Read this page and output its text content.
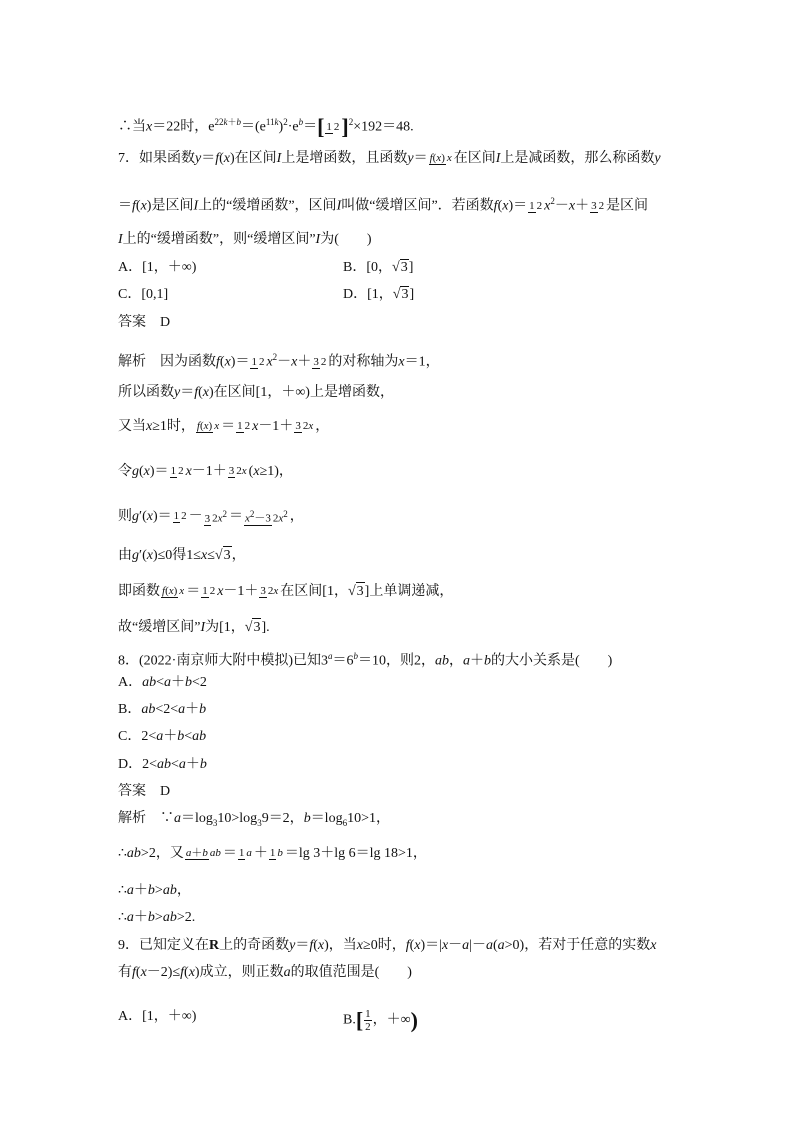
∴当x＝22时，e22k＋b＝(e11k)2·eb＝[ 1 2]2×192＝48.
7．如果函数y＝f(x)在区间I上是增函数，且函数y＝ f(x) x 在区间I上是减函数，那么称函数y
＝f(x)是区间I上的“缓增函数”，区间I叫做“缓增区间”．若函数f(x)＝ 1 2 x2－x＋ 3 2 是区间
I上的“缓增函数”，则“缓增区间”I为(　　)
A．[1，＋∞)	B．[0，√3]
C．[0,1]	D．[1，√3]
答案　D
解析　因为函数f(x)＝ 1 2 x2－x＋ 3 2 的对称轴为x＝1，
所以函数y＝f(x)在区间[1，＋∞)上是增函数，
又当x≥1时， f(x) x ＝ 1 2 x－1＋ 3 2x ，
令g(x)＝ 1 2 x－1＋ 3 2x (x≥1)，
则g′(x)＝ 1 2 － 3 2x2 ＝ x2－3 2x2 ，
由g′(x)≤0得1≤x≤√3，
即函数 f(x) x ＝ 1 2 x－1＋ 3 2x 在区间[1，√3]上单调递减，
故“缓增区间”I为[1，√3].
8．(2022·南京师大附中模拟)已知3a＝6b＝10，则2，ab，a＋b的大小关系是(　　)
A．ab<a＋b<2
B．ab<2<a＋b
C．2<a＋b<ab
D．2<ab<a＋b
答案　D
解析　∵a＝log310>log39＝2，b＝log610>1，
∴ab>2，又 a＋b ab ＝ 1 a ＋ 1 b ＝lg 3＋lg 6＝lg 18>1，
∴a＋b>ab，
∴a＋b>ab>2.
9．已知定义在R上的奇函数y＝f(x)，当x≥0时，f(x)＝|x－a|－a(a>0)，若对于任意的实数x
有f(x－2)≤f(x)成立，则正数a的取值范围是(　　)
A．[1，＋∞)	$B.[ \frac{1}{2}$ ，＋∞)
